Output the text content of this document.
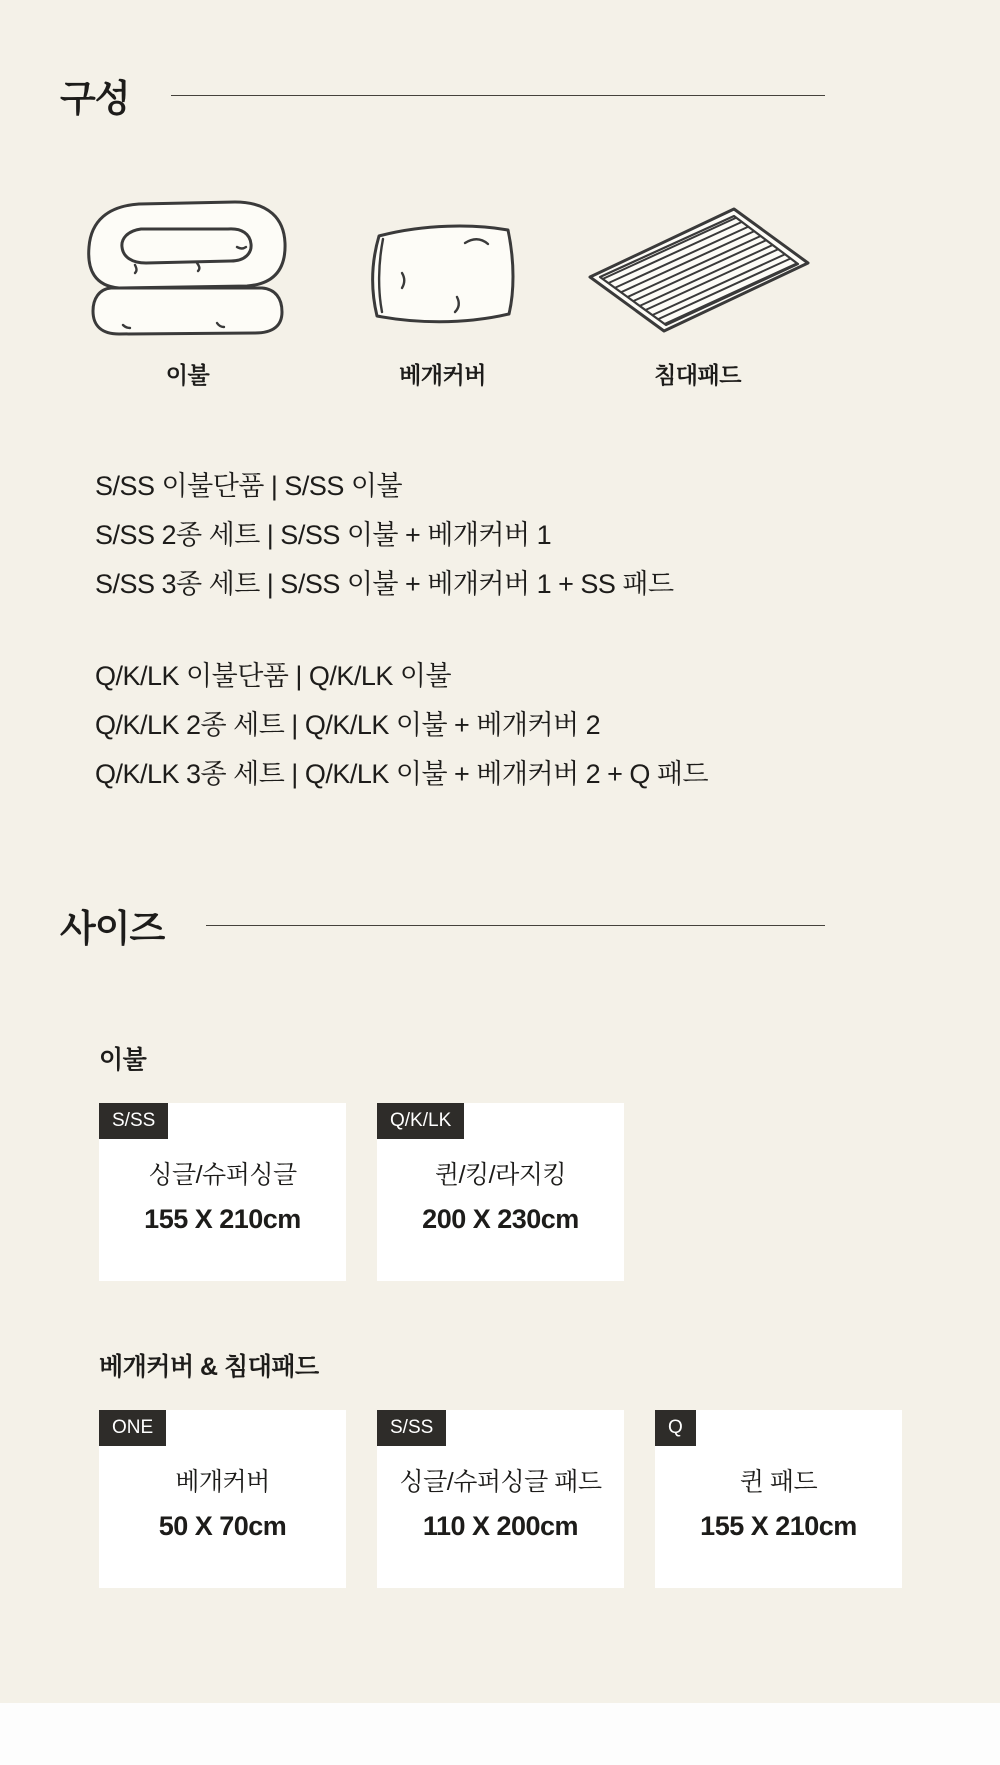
구성
이불	베개커버	침대패드

S/SS 이불단품 | S/SS 이불

S/SS 2종 세트 | S/SS 이불 + 베개커버 1

S/SS 3종 세트 | S/SS 이불 + 베개커버 1 + SS 패드

Q/K/LK 이불단품 | Q/K/LK 이불

Q/K/LK 2종 세트 | Q/K/LK 이불 + 베개커버 2

Q/K/LK 3종 세트 | Q/K/LK 이불 + 베개커버 2 + Q 패드

사이즈
이불
S/SS
싱글/슈퍼싱글
155 X 210cm
Q/K/LK
퀸/킹/라지킹
200 X 230cm
베개커버 & 침대패드
ONE
베개커버
50 X 70cm
S/SS
싱글/슈퍼싱글 패드
110 X 200cm
Q
퀸 패드
155 X 210cm
